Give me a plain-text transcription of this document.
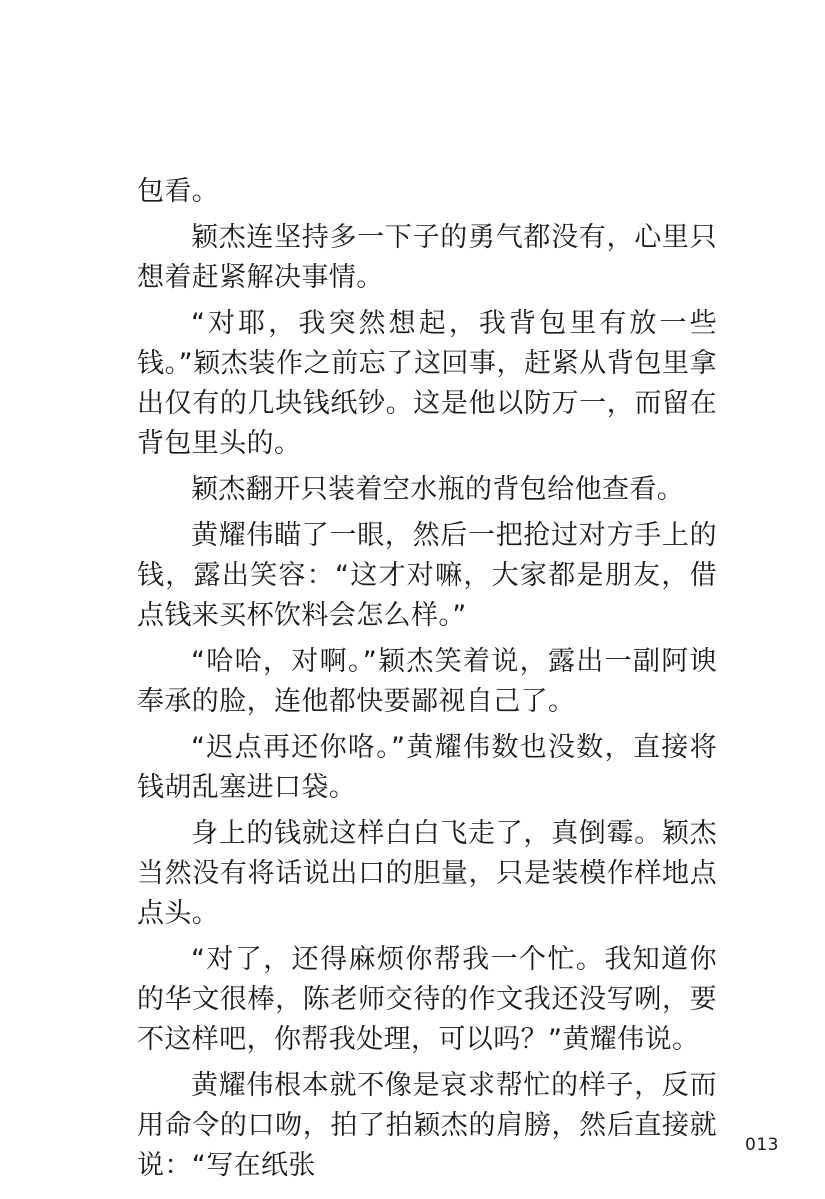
包看。

颖杰连坚持多一下子的勇气都没有，心里只想着赶紧解决事情。

“对耶，我突然想起，我背包里有放一些钱。”颖杰装作之前忘了这回事，赶紧从背包里拿出仅有的几块钱纸钞。这是他以防万一，而留在背包里头的。

颖杰翻开只装着空水瓶的背包给他查看。

黄耀伟瞄了一眼，然后一把抢过对方手上的钱，露出笑容：“这才对嘛，大家都是朋友，借点钱来买杯饮料会怎么样。”

“哈哈，对啊。”颖杰笑着说，露出一副阿谀奉承的脸，连他都快要鄙视自己了。

“迟点再还你咯。”黄耀伟数也没数，直接将钱胡乱塞进口袋。

身上的钱就这样白白飞走了，真倒霉。颖杰当然没有将话说出口的胆量，只是装模作样地点点头。

“对了，还得麻烦你帮我一个忙。我知道你的华文很棒，陈老师交待的作文我还没写咧，要不这样吧，你帮我处理，可以吗？”黄耀伟说。

黄耀伟根本就不像是哀求帮忙的样子，反而用命令的口吻，拍了拍颖杰的肩膀，然后直接就说：“写在纸张

013
